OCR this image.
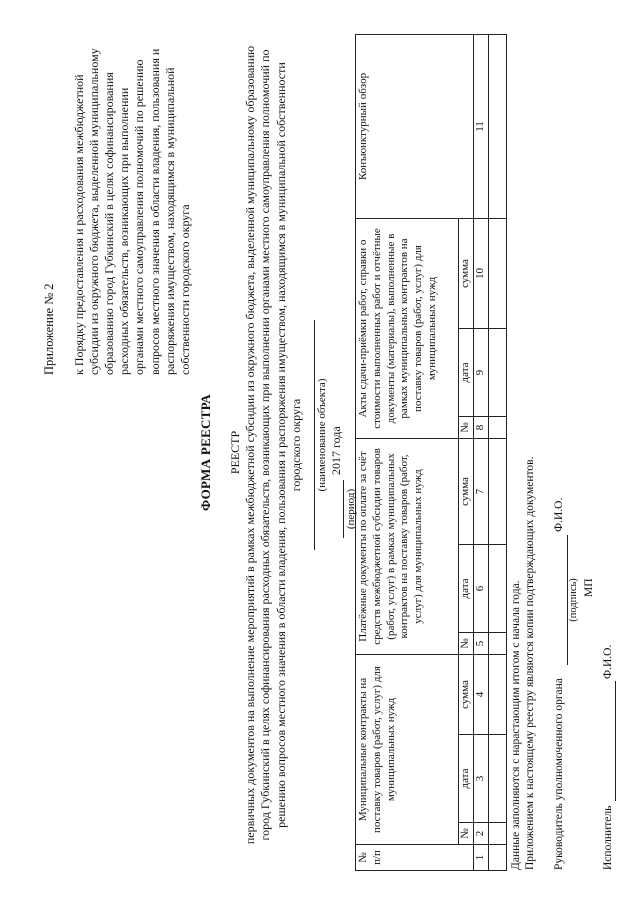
Приложение № 2 к Порядку предоставления и расходования межбюджетной субсидии из окружного бюджета, выделенной муниципальному образованию город Губкинский в целях софинансирования расходных обязательств, возникающих при выполнении органами местного самоуправления полномочий по решению вопросов местного значения в области владения, пользования и распоряжения имуществом, находящимся в муниципальной собственности городского округа
ФОРМА РЕЕСТРА РЕЕСТР первичных документов на выполнение мероприятий в рамках межбюджетной субсидии из окружного бюджета, выделенной муниципальному образованию город Губкинский в целях софинансирования расходных обязательств, возникающих при выполнении органами местного самоуправления полномочий по решению вопросов местного значения в области владения, пользования и распоряжения имуществом, находящимся в муниципальной собственности городского округа (наименование объекта)
(период)
2017 года
№ п/п	Муниципальные контракты на поставку товаров (работ, услуг) для муниципальных нужд			Платёжные документы по оплате за счёт средств межбюджетной субсидии товаров (работ, услуг) в рамках муниципальных контрактов на поставку товаров (работ, услуг) для муниципальных нужд			Акты сдачи-приёмки работ, справки о стоимости выполненных работ и отчётные документы (материалы), выполненные в рамках муниципальных контрактов на поставку товаров (работ, услуг) для муниципальных нужд			Конъюнктурный обзор
	№	дата	сумма	№	дата	сумма	№	дата	сумма	
1	2	3	4	5	6	7	8	9	10	11

Данные заполняются с нарастающим итогом с начала года. Приложением к настоящему реестру являются копии подтверждающих документов. Руководитель уполномоченного органа
(подпись)
Ф.И.О.
МП
Исполнитель
Ф.И.О.
